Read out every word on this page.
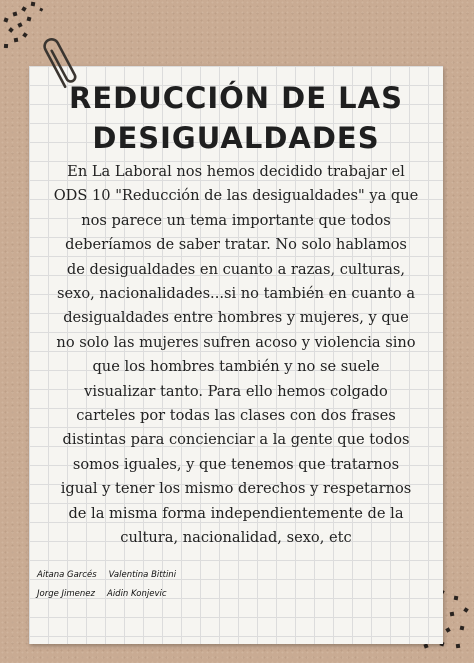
REDUCCIÓN DE LAS
DESIGUALDADES

En La Laboral nos hemos decidido trabajar el
ODS 10 "Reducción de las desigualdades" ya que
nos parece un tema importante que todos
deberíamos de saber tratar. No solo hablamos
de desigualdades en cuanto a razas, culturas,
sexo, nacionalidades...si no también en cuanto a
desigualdades entre hombres y mujeres, y que
no solo las mujeres sufren acoso y violencia sino
que los hombres también y no se suele
visualizar tanto. Para ello hemos colgado
carteles por todas las clases con dos frases
distintas para concienciar a la gente que todos
somos iguales, y que tenemos que tratarnos
igual y tener los mismo derechos y respetarnos
de la misma forma independientemente de la
cultura, nacionalidad, sexo, etc

Aitana Garcés Valentina Bittini
Jorge Jimenez Aidin Konjevic
